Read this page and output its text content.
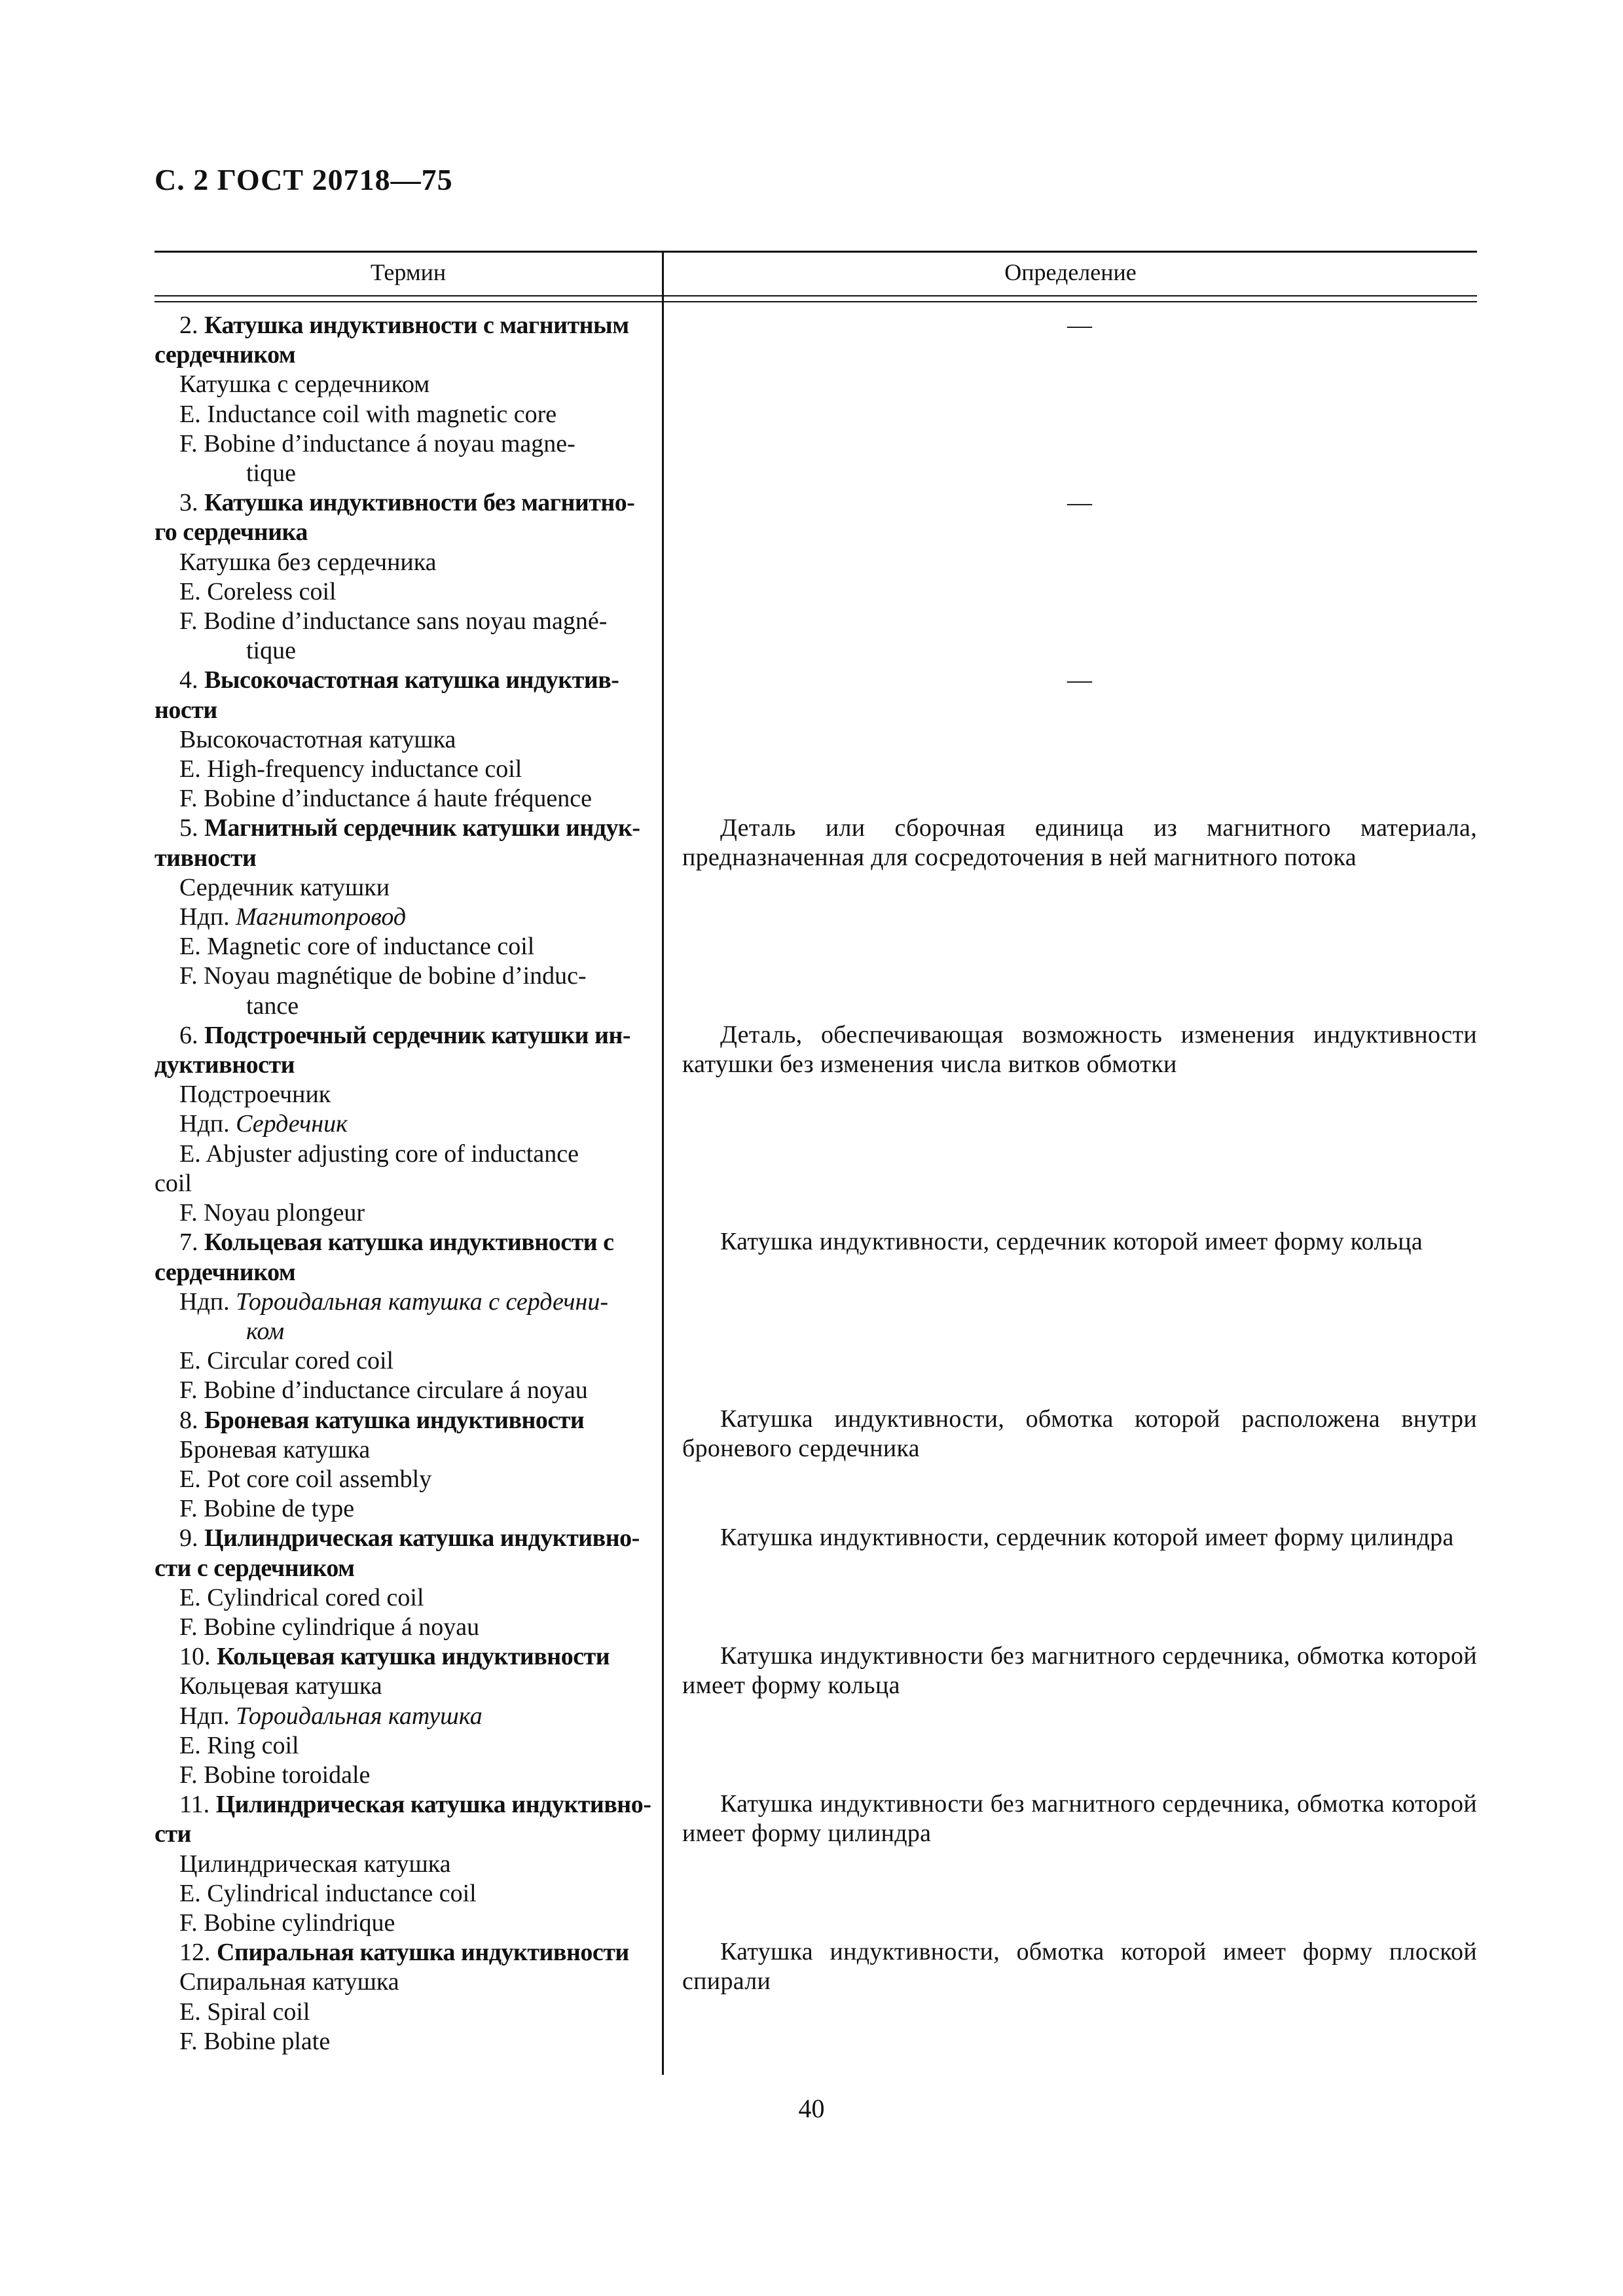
С. 2 ГОСТ 20718—75
Термин	Определение
2. Катушка индуктивности с магнитным
сердечником
Катушка с сердечником
E. Inductance coil with magnetic core
F. Bobine d’inductance á noyau magne-
tique
3. Катушка индуктивности без магнитно-
го сердечника
Катушка без сердечника
E. Coreless coil
F. Bodine d’inductance sans noyau magné-
tique
4. Высокочастотная катушка индуктив-
ности
Высокочастотная катушка
E. High-frequency inductance coil
F. Bobine d’inductance á haute fréquence
5. Магнитный сердечник катушки индук-
тивности
Сердечник катушки
Ндп. Магнитопровод
E. Magnetic core of inductance coil
F. Noyau magnétique de bobine d’induc-
tance
6. Подстроечный сердечник катушки ин-
дуктивности
Подстроечник
Ндп. Сердечник
E. Abjuster adjusting core of inductance
coil
F. Noyau plongeur
7. Кольцевая катушка индуктивности с
сердечником
Ндп. Тороидальная катушка с сердечни-
ком
E. Circular cored coil
F. Bobine d’inductance circulare á noyau
8. Броневая катушка индуктивности
Броневая катушка
E. Pot core coil assembly
F. Bobine de type
9. Цилиндрическая катушка индуктивно-
сти с сердечником
E. Cylindrical cored coil
F. Bobine cylindrique á noyau
10. Кольцевая катушка индуктивности
Кольцевая катушка
Ндп. Тороидальная катушка
E. Ring coil
F. Bobine toroidale
11. Цилиндрическая катушка индуктивно-
сти
Цилиндрическая катушка
E. Cylindrical inductance coil
F. Bobine cylindrique
12. Спиральная катушка индуктивности
Спиральная катушка
E. Spiral coil
F. Bobine plate
—
—
—
Деталь или сборочная единица из магнитного материала, предназначенная для сосредоточения в ней магнитного потока
Деталь, обеспечивающая возможность изменения индуктивности катушки без изменения числа витков обмотки
Катушка индуктивности, сердечник которой имеет форму кольца
Катушка индуктивности, обмотка которой расположена внутри броневого сердечника
Катушка индуктивности, сердечник которой имеет форму цилиндра
Катушка индуктивности без магнитного сердечника, обмотка которой имеет форму кольца
Катушка индуктивности без магнитного сердечника, обмотка которой имеет форму цилиндра
Катушка индуктивности, обмотка которой имеет форму плоской спирали
40
